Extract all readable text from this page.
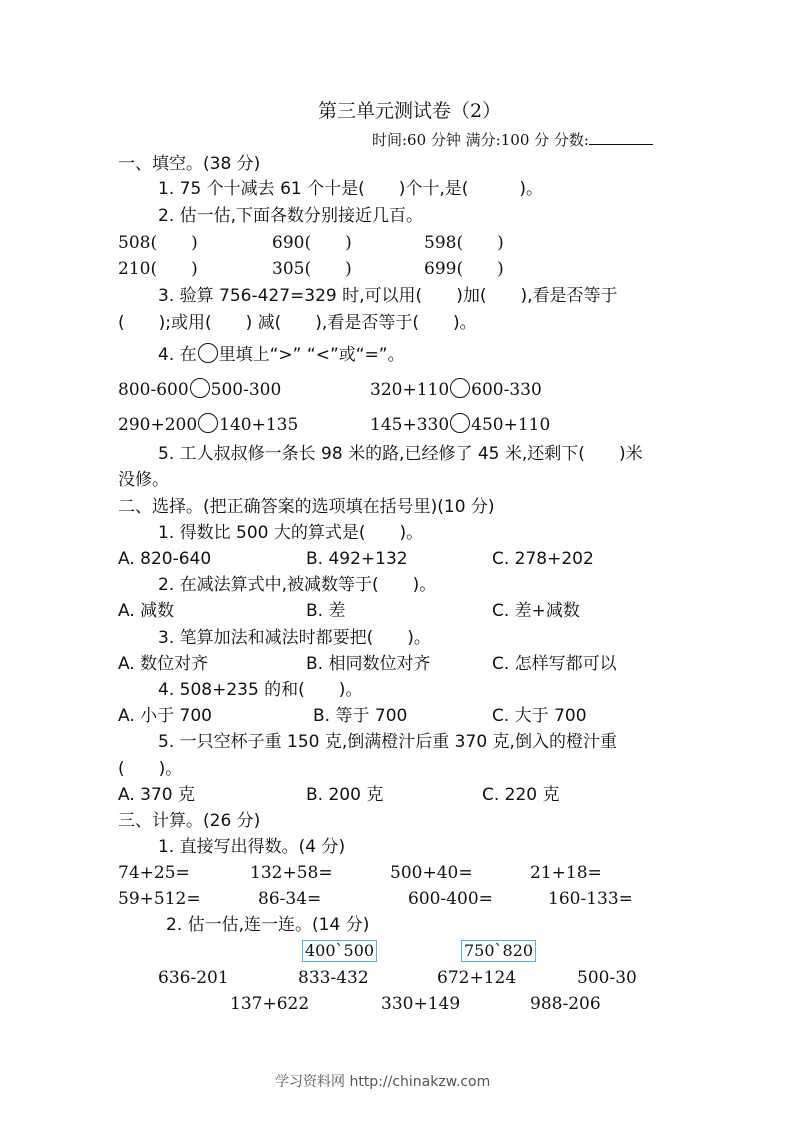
第三单元测试卷（2）
时间:60 分钟 满分:100 分 分数:
一、填空。(38 分)
1. 75 个十减去 61 个十是(　　)个十,是(　　　)。
2. 估一估,下面各数分别接近几百。
508(　　)	690(　　)	598(　　)
210(　　)	305(　　)	699(　　)
3. 验算 756-427=329 时,可以用(　　)加(　　),看是否等于
(　　);或用(　　) 减(　　),看是否等于(　　)。
4. 在 里填上“>” “<”或“=”。
800-600 500-300	320+110 600-330
290+200 140+135	145+330 450+110
5. 工人叔叔修一条长 98 米的路,已经修了 45 米,还剩下(　　)米
没修。
二、选择。(把正确答案的选项填在括号里)(10 分)
1. 得数比 500 大的算式是(　　)。
A. 820-640	B. 492+132	C. 278+202
2. 在减法算式中,被减数等于(　　)。
A. 减数	B. 差	C. 差+减数
3. 笔算加法和减法时都要把(　　)。
A. 数位对齐	B. 相同数位对齐	C. 怎样写都可以
4. 508+235 的和(　　)。
A. 小于 700	B. 等于 700	C. 大于 700
5. 一只空杯子重 150 克,倒满橙汁后重 370 克,倒入的橙汁重
(　　)。
A. 370 克	B. 200 克	C. 220 克
三、计算。(26 分)
1. 直接写出得数。(4 分)
74+25=	132+58=	500+40=	21+18=
59+512=	86-34=	600-400=	160-133=
2. 估一估,连一连。(14 分)
400ˋ500	750ˋ820
636-201	833-432	672+124	500-30
137+622	330+149	988-206
学习资料网 http://chinakzw.com
